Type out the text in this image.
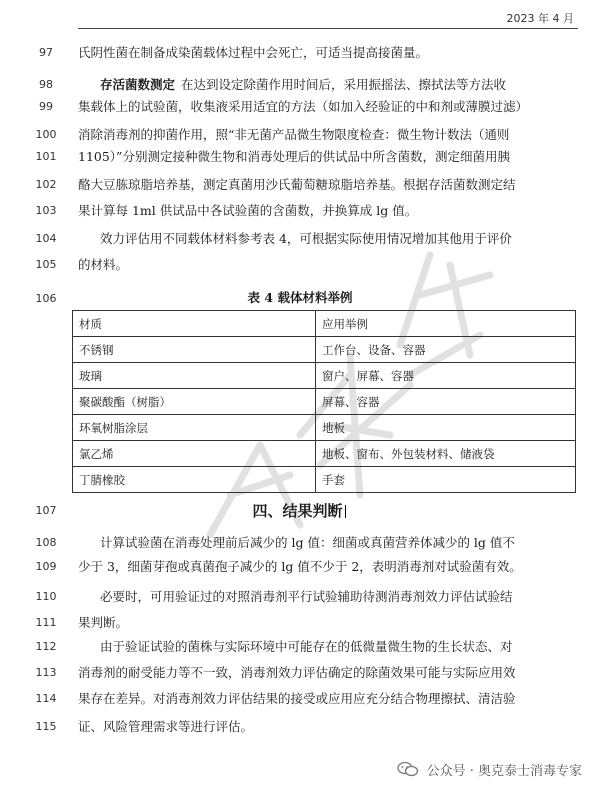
2023 年 4 月
公示稿
97	氏阴性菌在制备成染菌载体过程中会死亡，可适当提高接菌量。
98	存活菌数测定 在达到设定除菌作用时间后，采用振摇法、擦拭法等方法收
99	集载体上的试验菌，收集液采用适宜的方法（如加入经验证的中和剂或薄膜过滤）
100	消除消毒剂的抑菌作用，照“非无菌产品微生物限度检查：微生物计数法（通则
101	1105）”分别测定接种微生物和消毒处理后的供试品中所含菌数，测定细菌用胰
102	酪大豆胨琼脂培养基，测定真菌用沙氏葡萄糖琼脂培养基。根据存活菌数测定结
103	果计算每 1ml 供试品中各试验菌的含菌数，并换算成 lg 值。
104	效力评估用不同载体材料参考表 4，可根据实际使用情况增加其他用于评价
105	的材料。
106	表 4 载体材料举例
材质	应用举例
不锈钢	工作台、设备、容器
玻璃	窗户、屏幕、容器
聚碳酸酯（树脂）	屏幕、容器
环氧树脂涂层	地板
氯乙烯	地板、窗布、外包装材料、储液袋
丁腈橡胶	手套
107	四、结果判断
108	计算试验菌在消毒处理前后减少的 lg 值：细菌或真菌营养体减少的 lg 值不
109	少于 3，细菌芽孢或真菌孢子减少的 lg 值不少于 2，表明消毒剂对试验菌有效。
110	必要时，可用验证过的对照消毒剂平行试验辅助待测消毒剂效力评估试验结
111	果判断。
112	由于验证试验的菌株与实际环境中可能存在的低微量微生物的生长状态、对
113	消毒剂的耐受能力等不一致，消毒剂效力评估确定的除菌效果可能与实际应用效
114	果存在差异。对消毒剂效力评估结果的接受或应用应充分结合物理擦拭、清洁验
115	证、风险管理需求等进行评估。
公众号 · 奥克泰士消毒专家
